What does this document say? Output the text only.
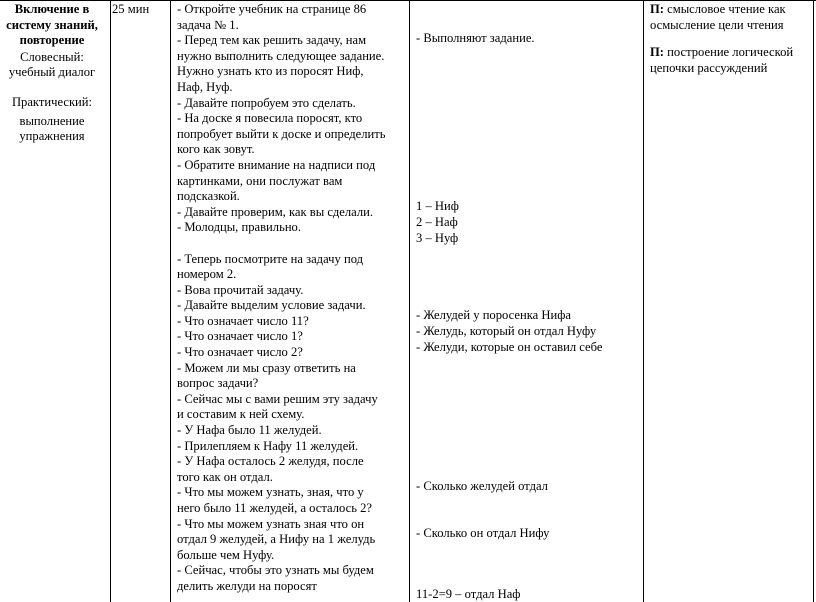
Включение в
систему знаний,
повторение
Словесный:
учебный диалог
Практический:
выполнение
упражнения
25 мин	- Откройте учебник на странице 86
задача № 1.
- Перед тем как решить задачу, нам
нужно выполнить следующее задание.
Нужно узнать кто из поросят Ниф,
Наф, Нуф.
- Давайте попробуем это сделать.
- На доске я повесила поросят, кто
попробует выйти к доске и определить
кого как зовут.
- Обратите внимание на надписи под
картинками, они послужат вам
подсказкой.
- Давайте проверим, как вы сделали.
- Молодцы, правильно.
- Теперь посмотрите на задачу под
номером 2.
- Вова прочитай задачу.
- Давайте выделим условие задачи.
- Что означает число 11?
- Что означает число 1?
- Что означает число 2?
- Можем ли мы сразу ответить на
вопрос задачи?
- Сейчас мы с вами решим эту задачу
и составим к ней схему.
- У Нафа было 11 желудей.
- Прилепляем к Нафу 11 желудей.
- У Нафа осталось 2 желудя, после
того как он отдал.
- Что мы можем узнать, зная, что у
него было 11 желудей, а осталось 2?
- Что мы можем узнать зная что он
отдал 9 желудей, а Нифу на 1 желудь
больше чем Нуфу.
- Сейчас, чтобы это узнать мы будем
делить желуди на поросят
- Выполняют задание.
1 – Ниф
2 – Наф
3 – Нуф
- Желудей у поросенка Нифа
- Желудь, который он отдал Нуфу
- Желуди, которые он оставил себе
- Сколько желудей отдал
- Сколько он отдал Нифу
11-2=9 – отдал Наф
П: смысловое чтение как
осмысление цели чтения
П: построение логической
цепочки рассуждений
